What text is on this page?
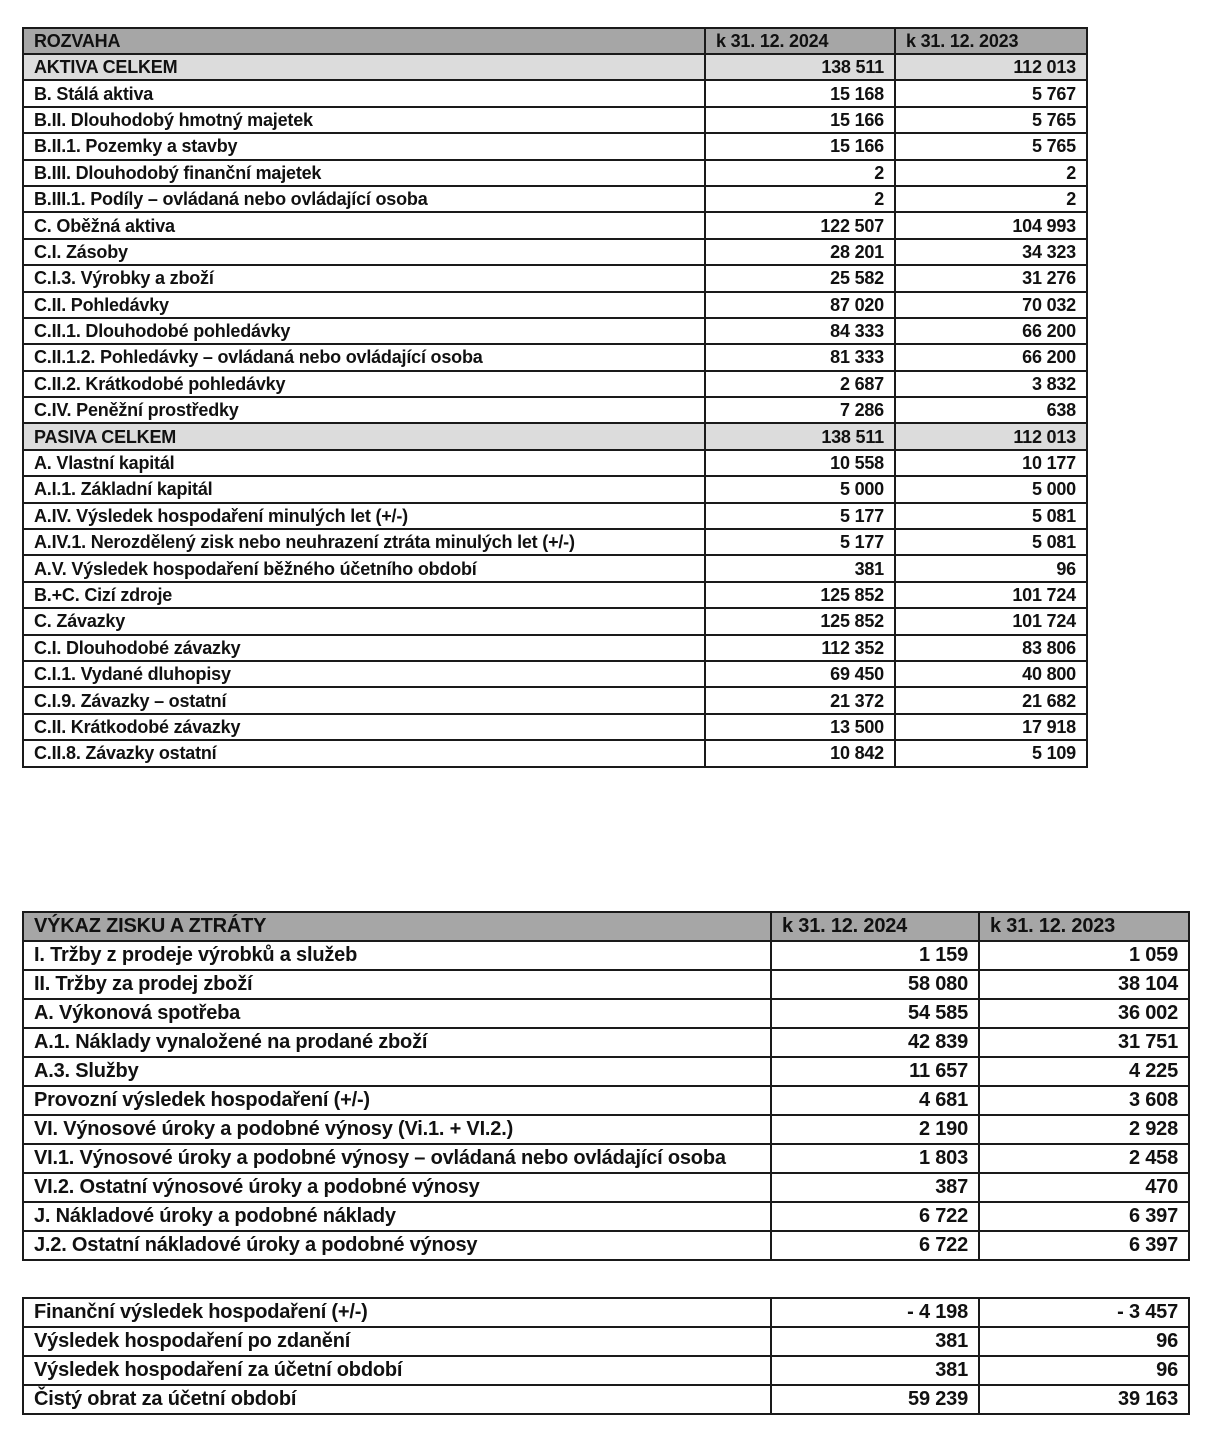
ROZVAHA	k 31. 12. 2024	k 31. 12. 2023
AKTIVA CELKEM	138 511	112 013
B. Stálá aktiva	15 168	5 767
B.II. Dlouhodobý hmotný majetek	15 166	5 765
B.II.1. Pozemky a stavby	15 166	5 765
B.III. Dlouhodobý finanční majetek	2	2
B.III.1. Podíly – ovládaná nebo ovládající osoba	2	2
C. Oběžná aktiva	122 507	104 993
C.I. Zásoby	28 201	34 323
C.I.3. Výrobky a zboží	25 582	31 276
C.II. Pohledávky	87 020	70 032
C.II.1. Dlouhodobé pohledávky	84 333	66 200
C.II.1.2. Pohledávky – ovládaná nebo ovládající osoba	81 333	66 200
C.II.2. Krátkodobé pohledávky	2 687	3 832
C.IV. Peněžní prostředky	7 286	638
PASIVA CELKEM	138 511	112 013
A. Vlastní kapitál	10 558	10 177
A.I.1. Základní kapitál	5 000	5 000
A.IV. Výsledek hospodaření minulých let (+/-)	5 177	5 081
A.IV.1. Nerozdělený zisk nebo neuhrazení ztráta minulých let (+/-)	5 177	5 081
A.V. Výsledek hospodaření běžného účetního období	381	96
B.+C. Cizí zdroje	125 852	101 724
C. Závazky	125 852	101 724
C.I. Dlouhodobé závazky	112 352	83 806
C.I.1. Vydané dluhopisy	69 450	40 800
C.I.9. Závazky – ostatní	21 372	21 682
C.II. Krátkodobé závazky	13 500	17 918
C.II.8. Závazky ostatní	10 842	5 109
VÝKAZ ZISKU A ZTRÁTY	k 31. 12. 2024	k 31. 12. 2023
I. Tržby z prodeje výrobků a služeb	1 159	1 059
II. Tržby za prodej zboží	58 080	38 104
A. Výkonová spotřeba	54 585	36 002
A.1. Náklady vynaložené na prodané zboží	42 839	31 751
A.3. Služby	11 657	4 225
Provozní výsledek hospodaření (+/-)	4 681	3 608
VI. Výnosové úroky a podobné výnosy (Vi.1. + VI.2.)	2 190	2 928
VI.1. Výnosové úroky a podobné výnosy – ovládaná nebo ovládající osoba	1 803	2 458
VI.2. Ostatní výnosové úroky a podobné výnosy	387	470
J. Nákladové úroky a podobné náklady	6 722	6 397
J.2. Ostatní nákladové úroky a podobné výnosy	6 722	6 397
Finanční výsledek hospodaření (+/-)	- 4 198	- 3 457
Výsledek hospodaření po zdanění	381	96
Výsledek hospodaření za účetní období	381	96
Čistý obrat za účetní období	59 239	39 163
